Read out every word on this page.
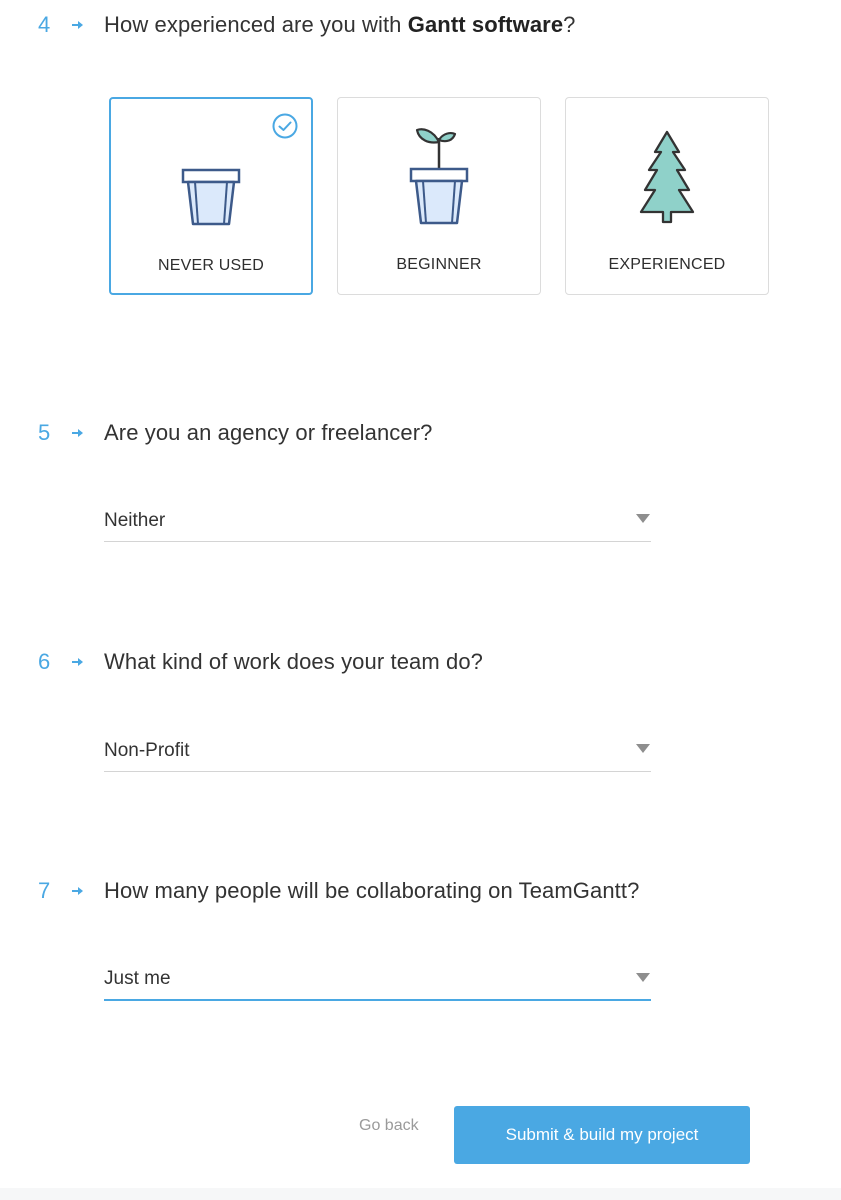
4	How experienced are you with Gantt software?
NEVER USED	BEGINNER	EXPERIENCED
5	Are you an agency or freelancer?
Neither
6	What kind of work does your team do?
Non-Profit
7	How many people will be collaborating on TeamGantt?
Just me
Go back	Submit & build my project
